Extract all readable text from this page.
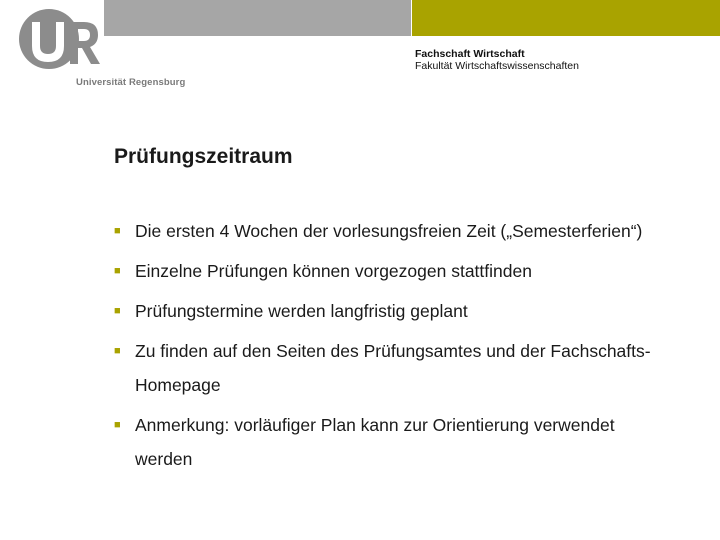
Universität Regensburg
Fachschaft Wirtschaft
Fakultät Wirtschaftswissenschaften
Prüfungszeitraum
■ Die ersten 4 Wochen der vorlesungsfreien Zeit („Semesterferien“)
■ Einzelne Prüfungen können vorgezogen stattfinden
■ Prüfungstermine werden langfristig geplant
■ Zu finden auf den Seiten des Prüfungsamtes und der Fachschafts-Homepage
■ Anmerkung: vorläufiger Plan kann zur Orientierung verwendet werden
